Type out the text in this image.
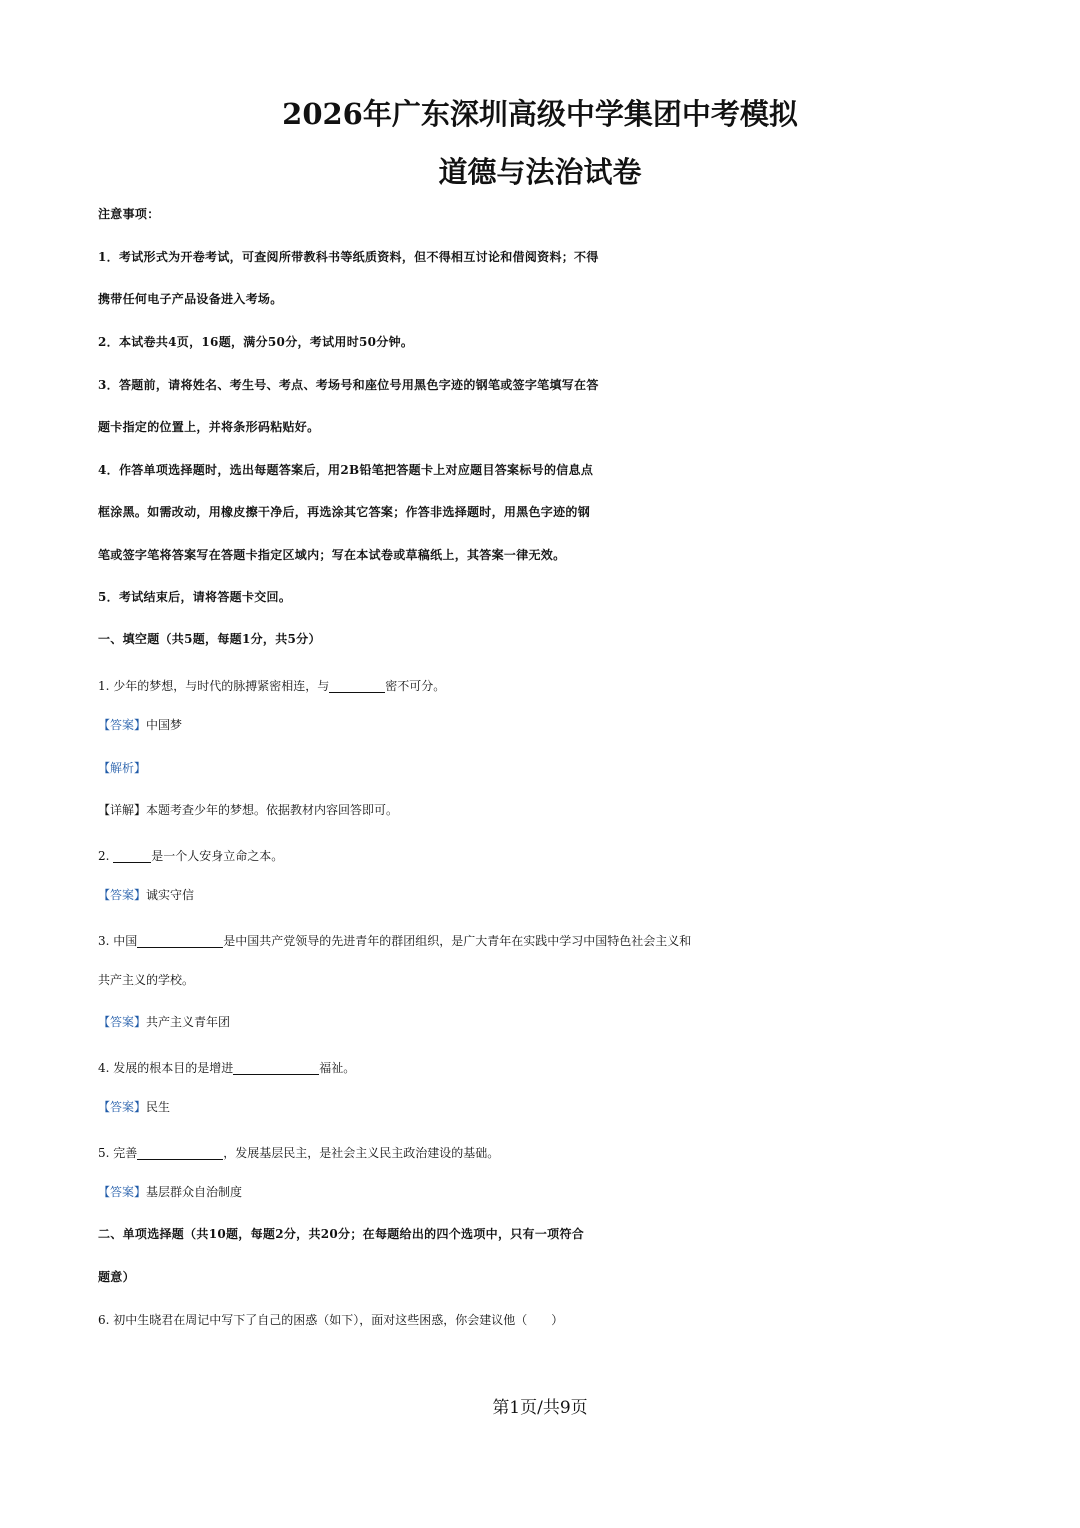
2026年广东深圳高级中学集团中考模拟
道德与法治试卷
注意事项：
1．考试形式为开卷考试，可查阅所带教科书等纸质资料，但不得相互讨论和借阅资料；不得
携带任何电子产品设备进入考场。
2．本试卷共4页，16题，满分50分，考试用时50分钟。
3．答题前，请将姓名、考生号、考点、考场号和座位号用黑色字迹的钢笔或签字笔填写在答
题卡指定的位置上，并将条形码粘贴好。
4．作答单项选择题时，选出每题答案后，用2B铅笔把答题卡上对应题目答案标号的信息点
框涂黑。如需改动，用橡皮擦干净后，再选涂其它答案；作答非选择题时，用黑色字迹的钢
笔或签字笔将答案写在答题卡指定区域内；写在本试卷或草稿纸上，其答案一律无效。
5．考试结束后，请将答题卡交回。
一、填空题（共5题，每题1分，共5分）
1. 少年的梦想，与时代的脉搏紧密相连，与	密不可分。
【答案】中国梦
【解析】
【详解】本题考查少年的梦想。依据教材内容回答即可。
2.	是一个人安身立命之本。
【答案】诚实守信
3. 中国	是中国共产党领导的先进青年的群团组织，是广大青年在实践中学习中国特色社会主义和
共产主义的学校。
【答案】共产主义青年团
4. 发展的根本目的是增进	福祉。
【答案】民生
5. 完善	，发展基层民主，是社会主义民主政治建设的基础。
【答案】基层群众自治制度
二、单项选择题（共10题，每题2分，共20分；在每题给出的四个选项中，只有一项符合
题意）
6. 初中生晓君在周记中写下了自己的困惑（如下），面对这些困惑，你会建议他（　　）
第1页/共9页
